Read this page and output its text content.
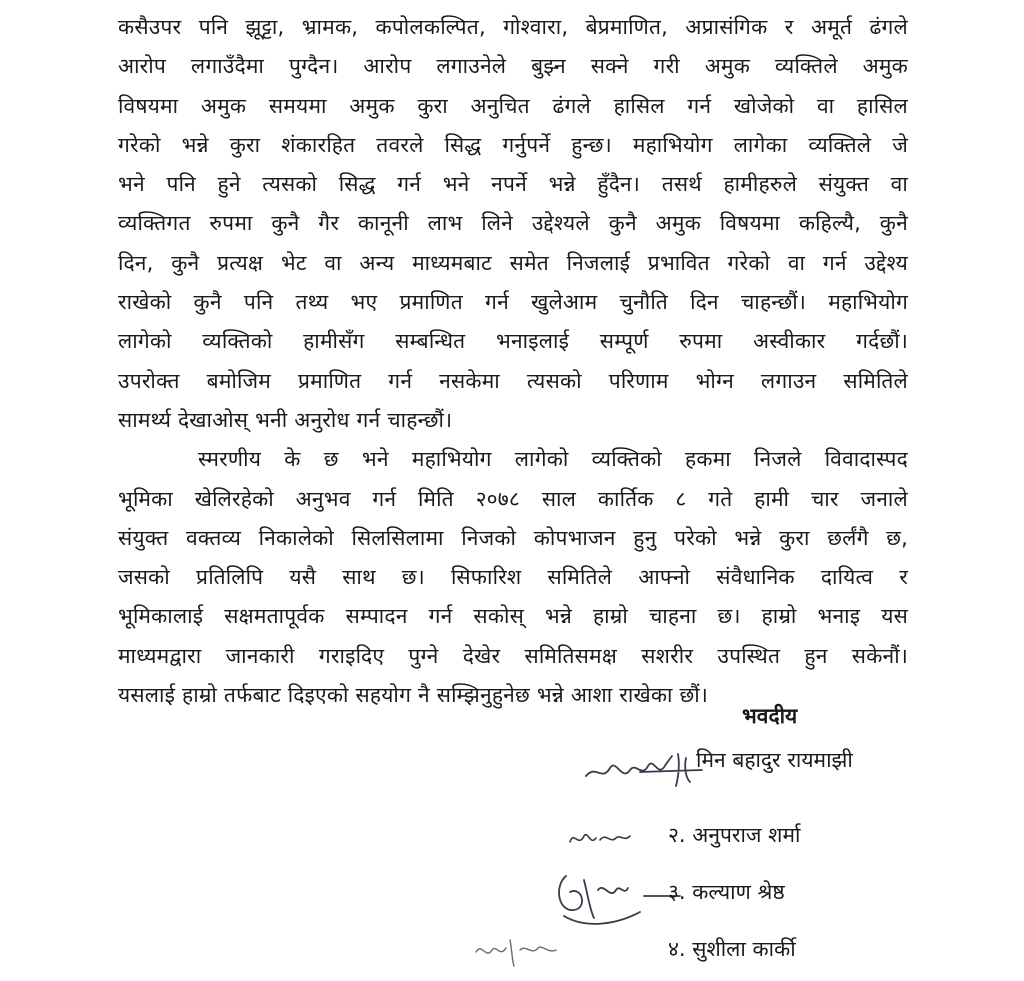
कसैउपर पनि झूट्टा, भ्रामक, कपोलकल्पित, गोश्वारा, बेप्रमाणित, अप्रासंगिक र अमूर्त ढंगले
आरोप लगाउँदैमा पुग्दैन। आरोप लगाउनेले बुझ्न सक्ने गरी अमुक व्यक्तिले अमुक
विषयमा अमुक समयमा अमुक कुरा अनुचित ढंगले हासिल गर्न खोजेको वा हासिल
गरेको भन्ने कुरा शंकारहित तवरले सिद्ध गर्नुपर्ने हुन्छ। महाभियोग लागेका व्यक्तिले जे
भने पनि हुने त्यसको सिद्ध गर्न भने नपर्ने भन्ने हुँदैन। तसर्थ हामीहरुले संयुक्त वा
व्यक्तिगत रुपमा कुनै गैर कानूनी लाभ लिने उद्देश्यले कुनै अमुक विषयमा कहिल्यै, कुनै
दिन, कुनै प्रत्यक्ष भेट वा अन्य माध्यमबाट समेत निजलाई प्रभावित गरेको वा गर्न उद्देश्य
राखेको कुनै पनि तथ्य भए प्रमाणित गर्न खुलेआम चुनौति दिन चाहन्छौं। महाभियोग
लागेको व्यक्तिको हामीसँग सम्बन्धित भनाइलाई सम्पूर्ण रुपमा अस्वीकार गर्दछौं।
उपरोक्त बमोजिम प्रमाणित गर्न नसकेमा त्यसको परिणाम भोग्न लगाउन समितिले
सामर्थ्य देखाओस् भनी अनुरोध गर्न चाहन्छौं।
स्मरणीय के छ भने महाभियोग लागेको व्यक्तिको हकमा निजले विवादास्पद
भूमिका खेलिरहेको अनुभव गर्न मिति २०७८ साल कार्तिक ८ गते हामी चार जनाले
संयुक्त वक्तव्य निकालेको सिलसिलामा निजको कोपभाजन हुनु परेको भन्ने कुरा छर्लंगै छ,
जसको प्रतिलिपि यसै साथ छ। सिफारिश समितिले आफ्नो संवैधानिक दायित्व र
भूमिकालाई सक्षमतापूर्वक सम्पादन गर्न सकोस् भन्ने हाम्रो चाहना छ। हाम्रो भनाइ यस
माध्यमद्वारा जानकारी गराइदिए पुग्ने देखेर समितिसमक्ष सशरीर उपस्थित हुन सकेनौं।
यसलाई हाम्रो तर्फबाट दिइएको सहयोग नै सम्झिनुहुनेछ भन्ने आशा राखेका छौं।
भवदीय
मिन बहादुर रायमाझी
२. अनुपराज शर्मा
३. कल्याण श्रेष्ठ
४. सुशीला कार्की
